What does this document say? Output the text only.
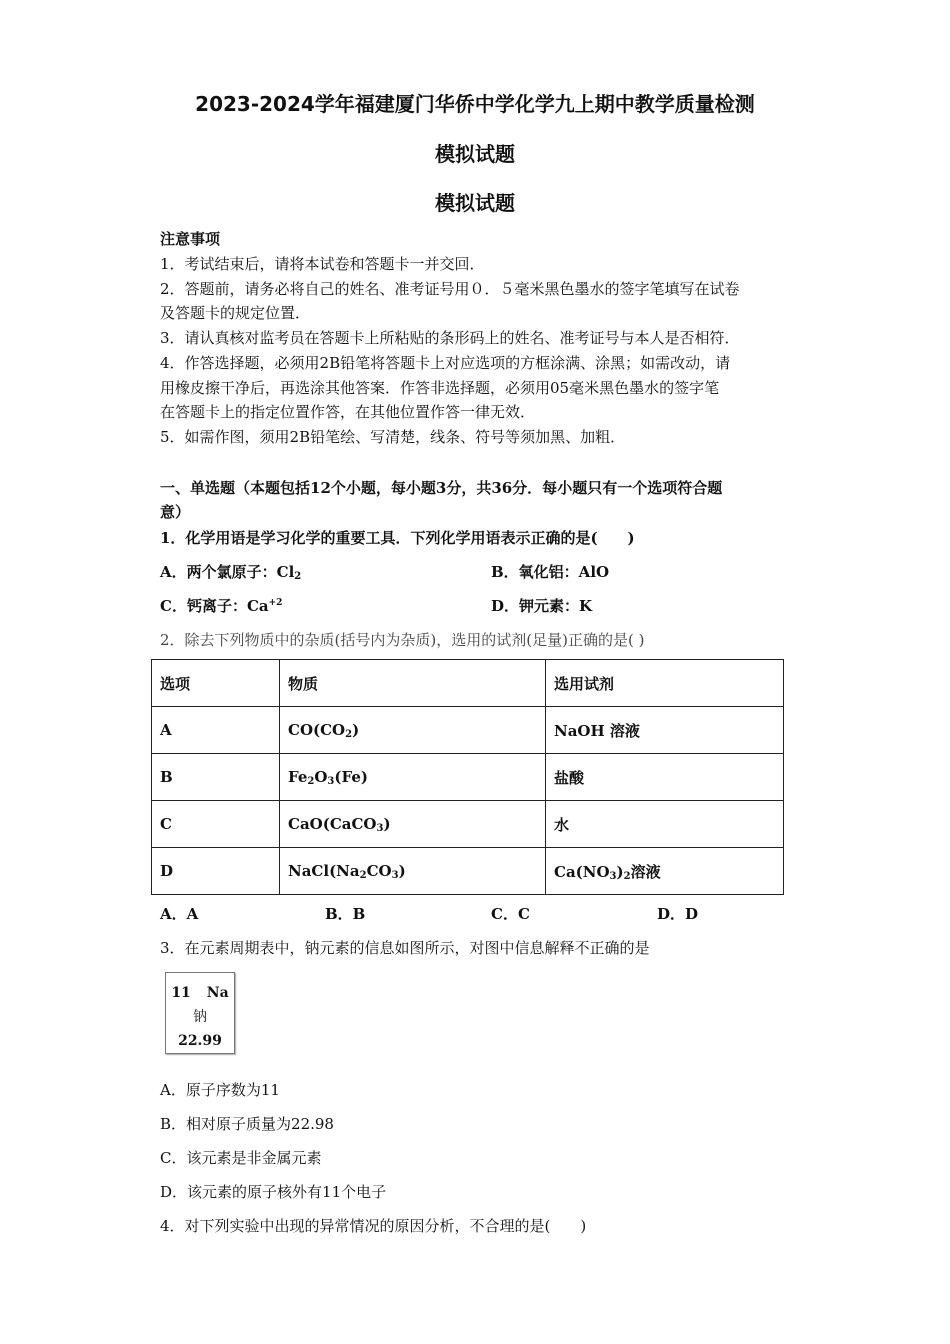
2023-2024学年福建厦门华侨中学化学九上期中教学质量检测
模拟试题
模拟试题
注意事项
1．考试结束后，请将本试卷和答题卡一并交回．
2．答题前，请务必将自己的姓名、准考证号用０．５毫米黑色墨水的签字笔填写在试卷
及答题卡的规定位置．
3．请认真核对监考员在答题卡上所粘贴的条形码上的姓名、准考证号与本人是否相符．
4．作答选择题，必须用2B铅笔将答题卡上对应选项的方框涂满、涂黑；如需改动，请
用橡皮擦干净后，再选涂其他答案．作答非选择题，必须用05毫米黑色墨水的签字笔
在答题卡上的指定位置作答，在其他位置作答一律无效．
5．如需作图，须用2B铅笔绘、写清楚，线条、符号等须加黑、加粗．
一、单选题（本题包括12个小题，每小题3分，共36分．每小题只有一个选项符合题
意）
1．化学用语是学习化学的重要工具．下列化学用语表示正确的是(　　)
A．两个氯原子：$Cl_2$	B．氧化铝：AlO
C．钙离子：$Ca^{+2}$	D．钾元素：K
2．除去下列物质中的杂质(括号内为杂质)，选用的试剂(足量)正确的是( )
选项	物质	选用试剂
A	$CO(CO_2)$	NaOH 溶液
B	$Fe_2O_3(Fe)$	盐酸
C	CaO(CaCO$_3$)	水
D	$NaCl(Na_2CO_3)$	$Ca(NO_3)_2$溶液
A．A	B．B	C．C	D．D
3．在元素周期表中，钠元素的信息如图所示，对图中信息解释不正确的是
11 Na
钠
22.99
A．原子序数为11
B．相对原子质量为22.98
C．该元素是非金属元素
D．该元素的原子核外有11个电子
4．对下列实验中出现的异常情况的原因分析，不合理的是(　　)
